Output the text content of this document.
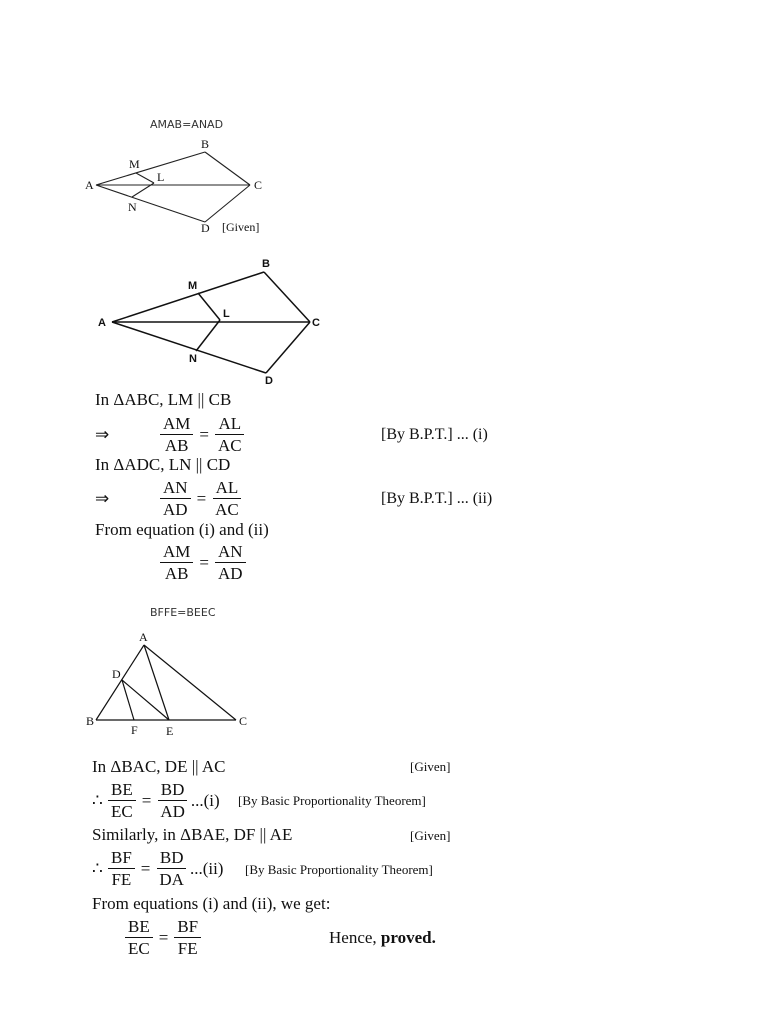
AMAB=ANAD
A
B
C
D
M
N
L
[Given]
A
B
C
D
M
N
L
In ΔABC, LM || CB
⇒	$\frac{AM}{AB} = \frac{AL}{AC}$	[By B.P.T.] ... (i)
In ΔADC, LN || CD
⇒	$\frac{AN}{AD} = \frac{AL}{AC}$	[By B.P.T.] ... (ii)
From equation (i) and (ii)
$\frac{AM}{AB} = \frac{AN}{AD}$
BFFE=BEEC
A
B	C
D
E
F
In ΔBAC, DE || AC	[Given]
∴ $\frac{BE}{EC} = \frac{BD}{AD} ...(i)$ [By Basic Proportionality Theorem]
Similarly, in ΔBAE, DF || AE	[Given]
∴ $\frac{BF}{FE} = \frac{BD}{DA} ...(ii)$ [By Basic Proportionality Theorem]
From equations (i) and (ii), we get:
$\frac{BE}{EC} = \frac{BF}{FE}$	Hence, proved.
